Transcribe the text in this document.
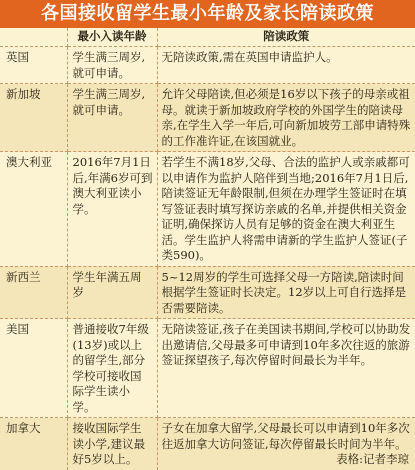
各国接收留学生最小年龄及家长陪读政策
	最小入读年龄	陪读政策
英国	学生满三周岁,就可申请。	无陪读政策,需在英国申请监护人。
新加坡	学生满三周岁,就可申请。	允许父母陪读,但必须是16岁以下孩子的母亲或祖母。就读于新加坡政府学校的外国学生的陪读母亲,在学生入学一年后,可向新加坡劳工部申请特殊的工作准许证,在该国就业。
澳大利亚	2016年7月1日后,年满6岁可到澳大利亚读小学。	若学生不满18岁,父母、合法的监护人或亲戚都可以申请作为监护人陪伴到当地;2016年7月1日后,陪读签证无年龄限制,但须在办理学生签证时在填写签证表时填写探访亲戚的名单,并提供相关资金证明,确保探访人员有足够的资金在澳大利亚生活。学生监护人将需申请新的学生监护人签证(子类590)。
新西兰	学生年满五周岁	5~12周岁的学生可选择父母一方陪读,陪读时间根据学生签证时长决定。12岁以上可自行选择是否需要陪读。
美国	普通接收7年级(13岁)或以上的留学生,部分学校可接收国际学生读小学。	无陪读签证,孩子在美国读书期间,学校可以协助发出邀请信,父母最多可申请到10年多次往返的旅游签证探望孩子,每次停留时间最长为半年。
加拿大	接收国际学生读小学,建议最好5岁以上。	子女在加拿大留学,父母最长可以申请到10年多次往返加拿大访问签证,每次停留最长时间为半年。
表格:记者李琼
